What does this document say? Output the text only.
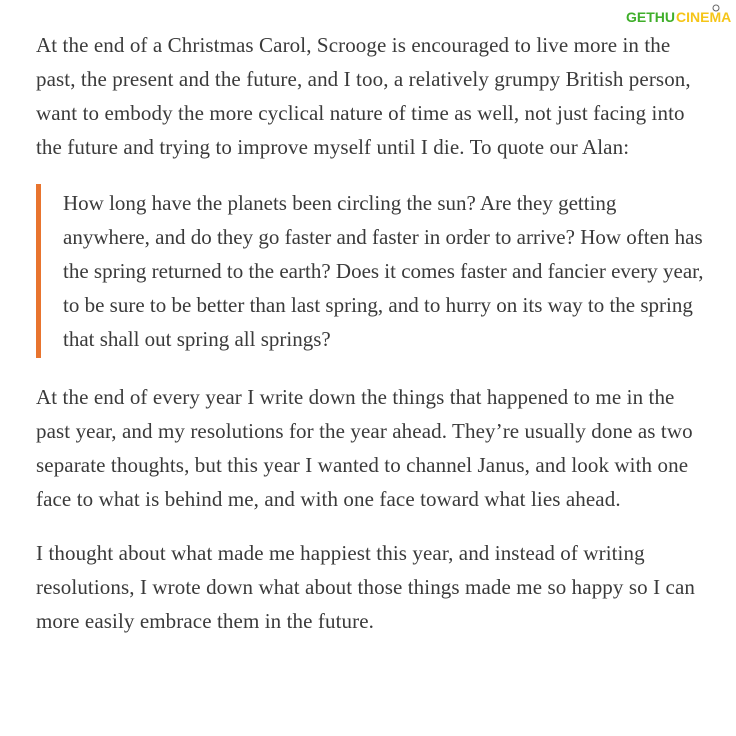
GETHU CINEMA

At the end of a Christmas Carol, Scrooge is encouraged to live more in the past, the present and the future, and I too, a relatively grumpy British person, want to embody the more cyclical nature of time as well, not just facing into the future and trying to improve myself until I die. To quote our Alan:

How long have the planets been circling the sun? Are they getting anywhere, and do they go faster and faster in order to arrive? How often has the spring returned to the earth? Does it comes faster and fancier every year, to be sure to be better than last spring, and to hurry on its way to the spring that shall out spring all springs?

At the end of every year I write down the things that happened to me in the past year, and my resolutions for the year ahead. They’re usually done as two separate thoughts, but this year I wanted to channel Janus, and look with one face to what is behind me, and with one face toward what lies ahead.

I thought about what made me happiest this year, and instead of writing resolutions, I wrote down what about those things made me so happy so I can more easily embrace them in the future.
